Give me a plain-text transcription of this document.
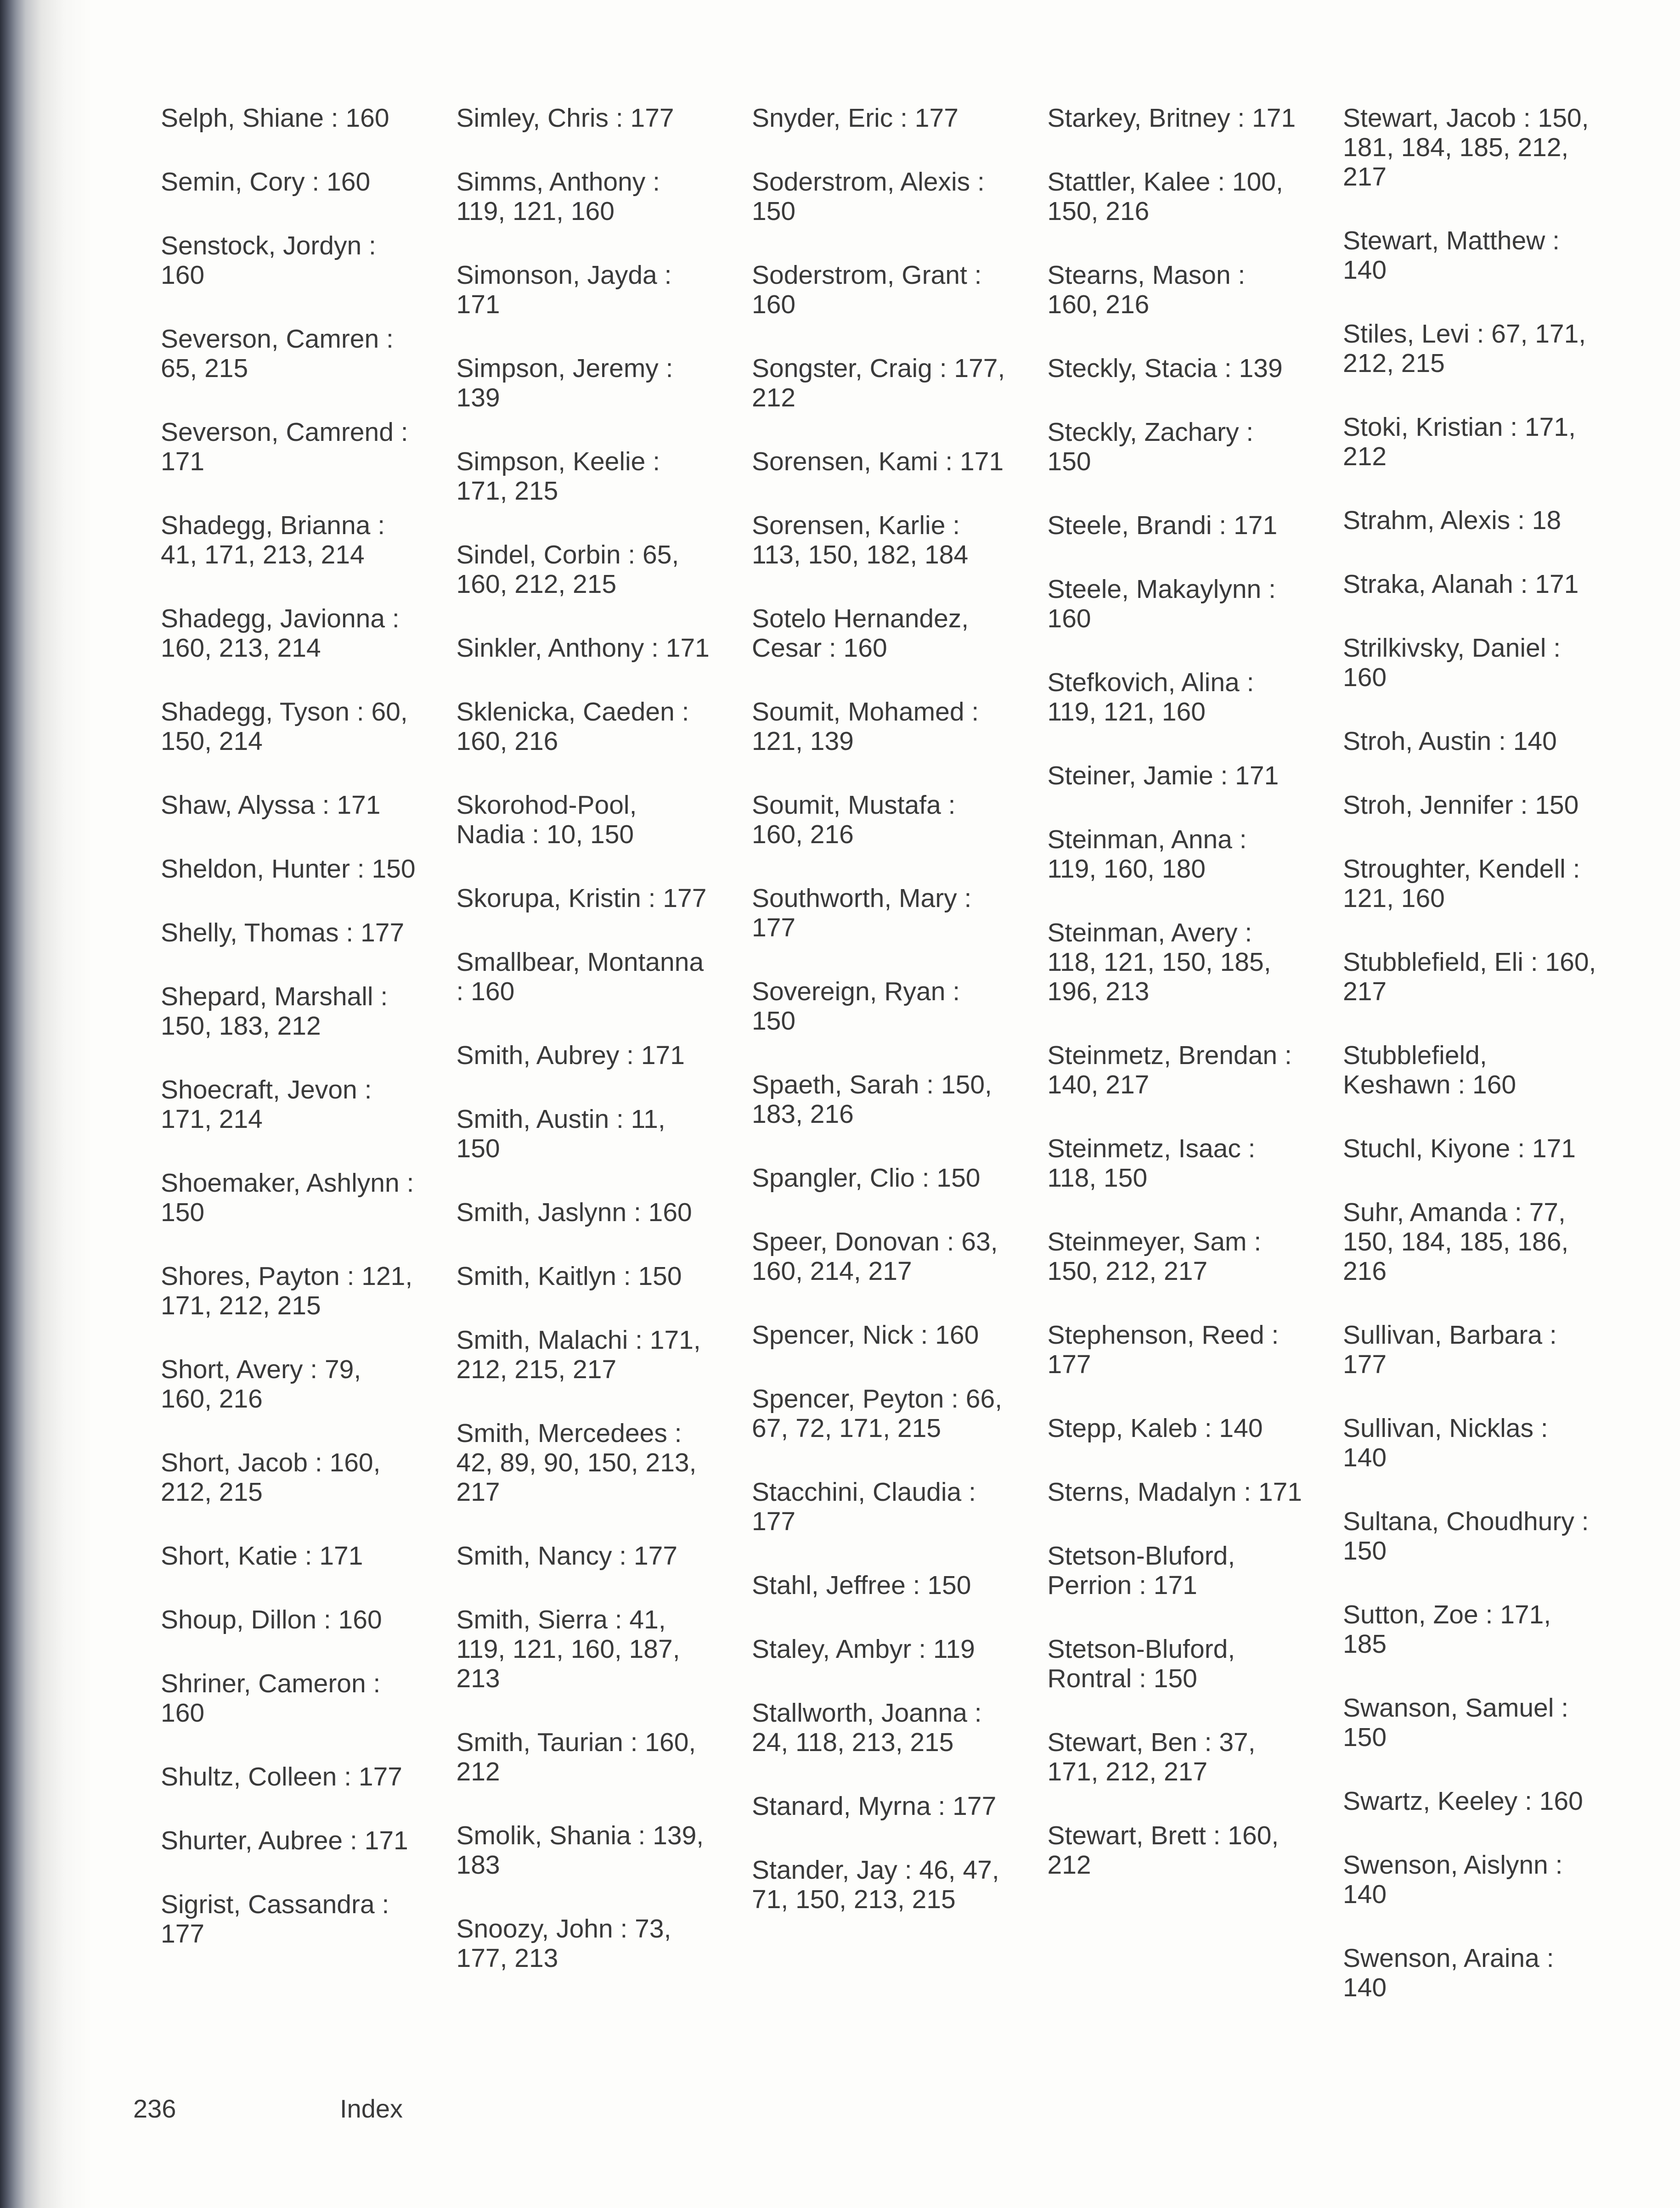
Selph, Shiane : 160
Semin, Cory : 160
Senstock, Jordyn : 160
Severson, Camren : 65, 215
Severson, Camrend : 171
Shadegg, Brianna : 41, 171, 213, 214
Shadegg, Javionna : 160, 213, 214
Shadegg, Tyson : 60, 150, 214
Shaw, Alyssa : 171
Sheldon, Hunter : 150
Shelly, Thomas : 177
Shepard, Marshall : 150, 183, 212
Shoecraft, Jevon : 171, 214
Shoemaker, Ashlynn : 150
Shores, Payton : 121, 171, 212, 215
Short, Avery : 79, 160, 216
Short, Jacob : 160, 212, 215
Short, Katie : 171
Shoup, Dillon : 160
Shriner, Cameron : 160
Shultz, Colleen : 177
Shurter, Aubree : 171
Sigrist, Cassandra : 177
Simley, Chris : 177
Simms, Anthony : 119, 121, 160
Simonson, Jayda : 171
Simpson, Jeremy : 139
Simpson, Keelie : 171, 215
Sindel, Corbin : 65, 160, 212, 215
Sinkler, Anthony : 171
Sklenicka, Caeden : 160, 216
Skorohod-Pool, Nadia : 10, 150
Skorupa, Kristin : 177
Smallbear, Montanna : 160
Smith, Aubrey : 171
Smith, Austin : 11, 150
Smith, Jaslynn : 160
Smith, Kaitlyn : 150
Smith, Malachi : 171, 212, 215, 217
Smith, Mercedees : 42, 89, 90, 150, 213, 217
Smith, Nancy : 177
Smith, Sierra : 41, 119, 121, 160, 187, 213
Smith, Taurian : 160, 212
Smolik, Shania : 139, 183
Snoozy, John : 73, 177, 213
Snyder, Eric : 177
Soderstrom, Alexis : 150
Soderstrom, Grant : 160
Songster, Craig : 177, 212
Sorensen, Kami : 171
Sorensen, Karlie : 113, 150, 182, 184
Sotelo Hernandez, Cesar : 160
Soumit, Mohamed : 121, 139
Soumit, Mustafa : 160, 216
Southworth, Mary : 177
Sovereign, Ryan : 150
Spaeth, Sarah : 150, 183, 216
Spangler, Clio : 150
Speer, Donovan : 63, 160, 214, 217
Spencer, Nick : 160
Spencer, Peyton : 66, 67, 72, 171, 215
Stacchini, Claudia : 177
Stahl, Jeffree : 150
Staley, Ambyr : 119
Stallworth, Joanna : 24, 118, 213, 215
Stanard, Myrna : 177
Stander, Jay : 46, 47, 71, 150, 213, 215
Starkey, Britney : 171
Stattler, Kalee : 100, 150, 216
Stearns, Mason : 160, 216
Steckly, Stacia : 139
Steckly, Zachary : 150
Steele, Brandi : 171
Steele, Makaylynn : 160
Stefkovich, Alina : 119, 121, 160
Steiner, Jamie : 171
Steinman, Anna : 119, 160, 180
Steinman, Avery : 118, 121, 150, 185, 196, 213
Steinmetz, Brendan : 140, 217
Steinmetz, Isaac : 118, 150
Steinmeyer, Sam : 150, 212, 217
Stephenson, Reed : 177
Stepp, Kaleb : 140
Sterns, Madalyn : 171
Stetson-Bluford, Perrion : 171
Stetson-Bluford, Rontral : 150
Stewart, Ben : 37, 171, 212, 217
Stewart, Brett : 160, 212
Stewart, Jacob : 150, 181, 184, 185, 212, 217
Stewart, Matthew : 140
Stiles, Levi : 67, 171, 212, 215
Stoki, Kristian : 171, 212
Strahm, Alexis : 18
Straka, Alanah : 171
Strilkivsky, Daniel : 160
Stroh, Austin : 140
Stroh, Jennifer : 150
Stroughter, Kendell : 121, 160
Stubblefield, Eli : 160, 217
Stubblefield, Keshawn : 160
Stuchl, Kiyone : 171
Suhr, Amanda : 77, 150, 184, 185, 186, 216
Sullivan, Barbara : 177
Sullivan, Nicklas : 140
Sultana, Choudhury : 150
Sutton, Zoe : 171, 185
Swanson, Samuel : 150
Swartz, Keeley : 160
Swenson, Aislynn : 140
Swenson, Araina : 140
236	Index
